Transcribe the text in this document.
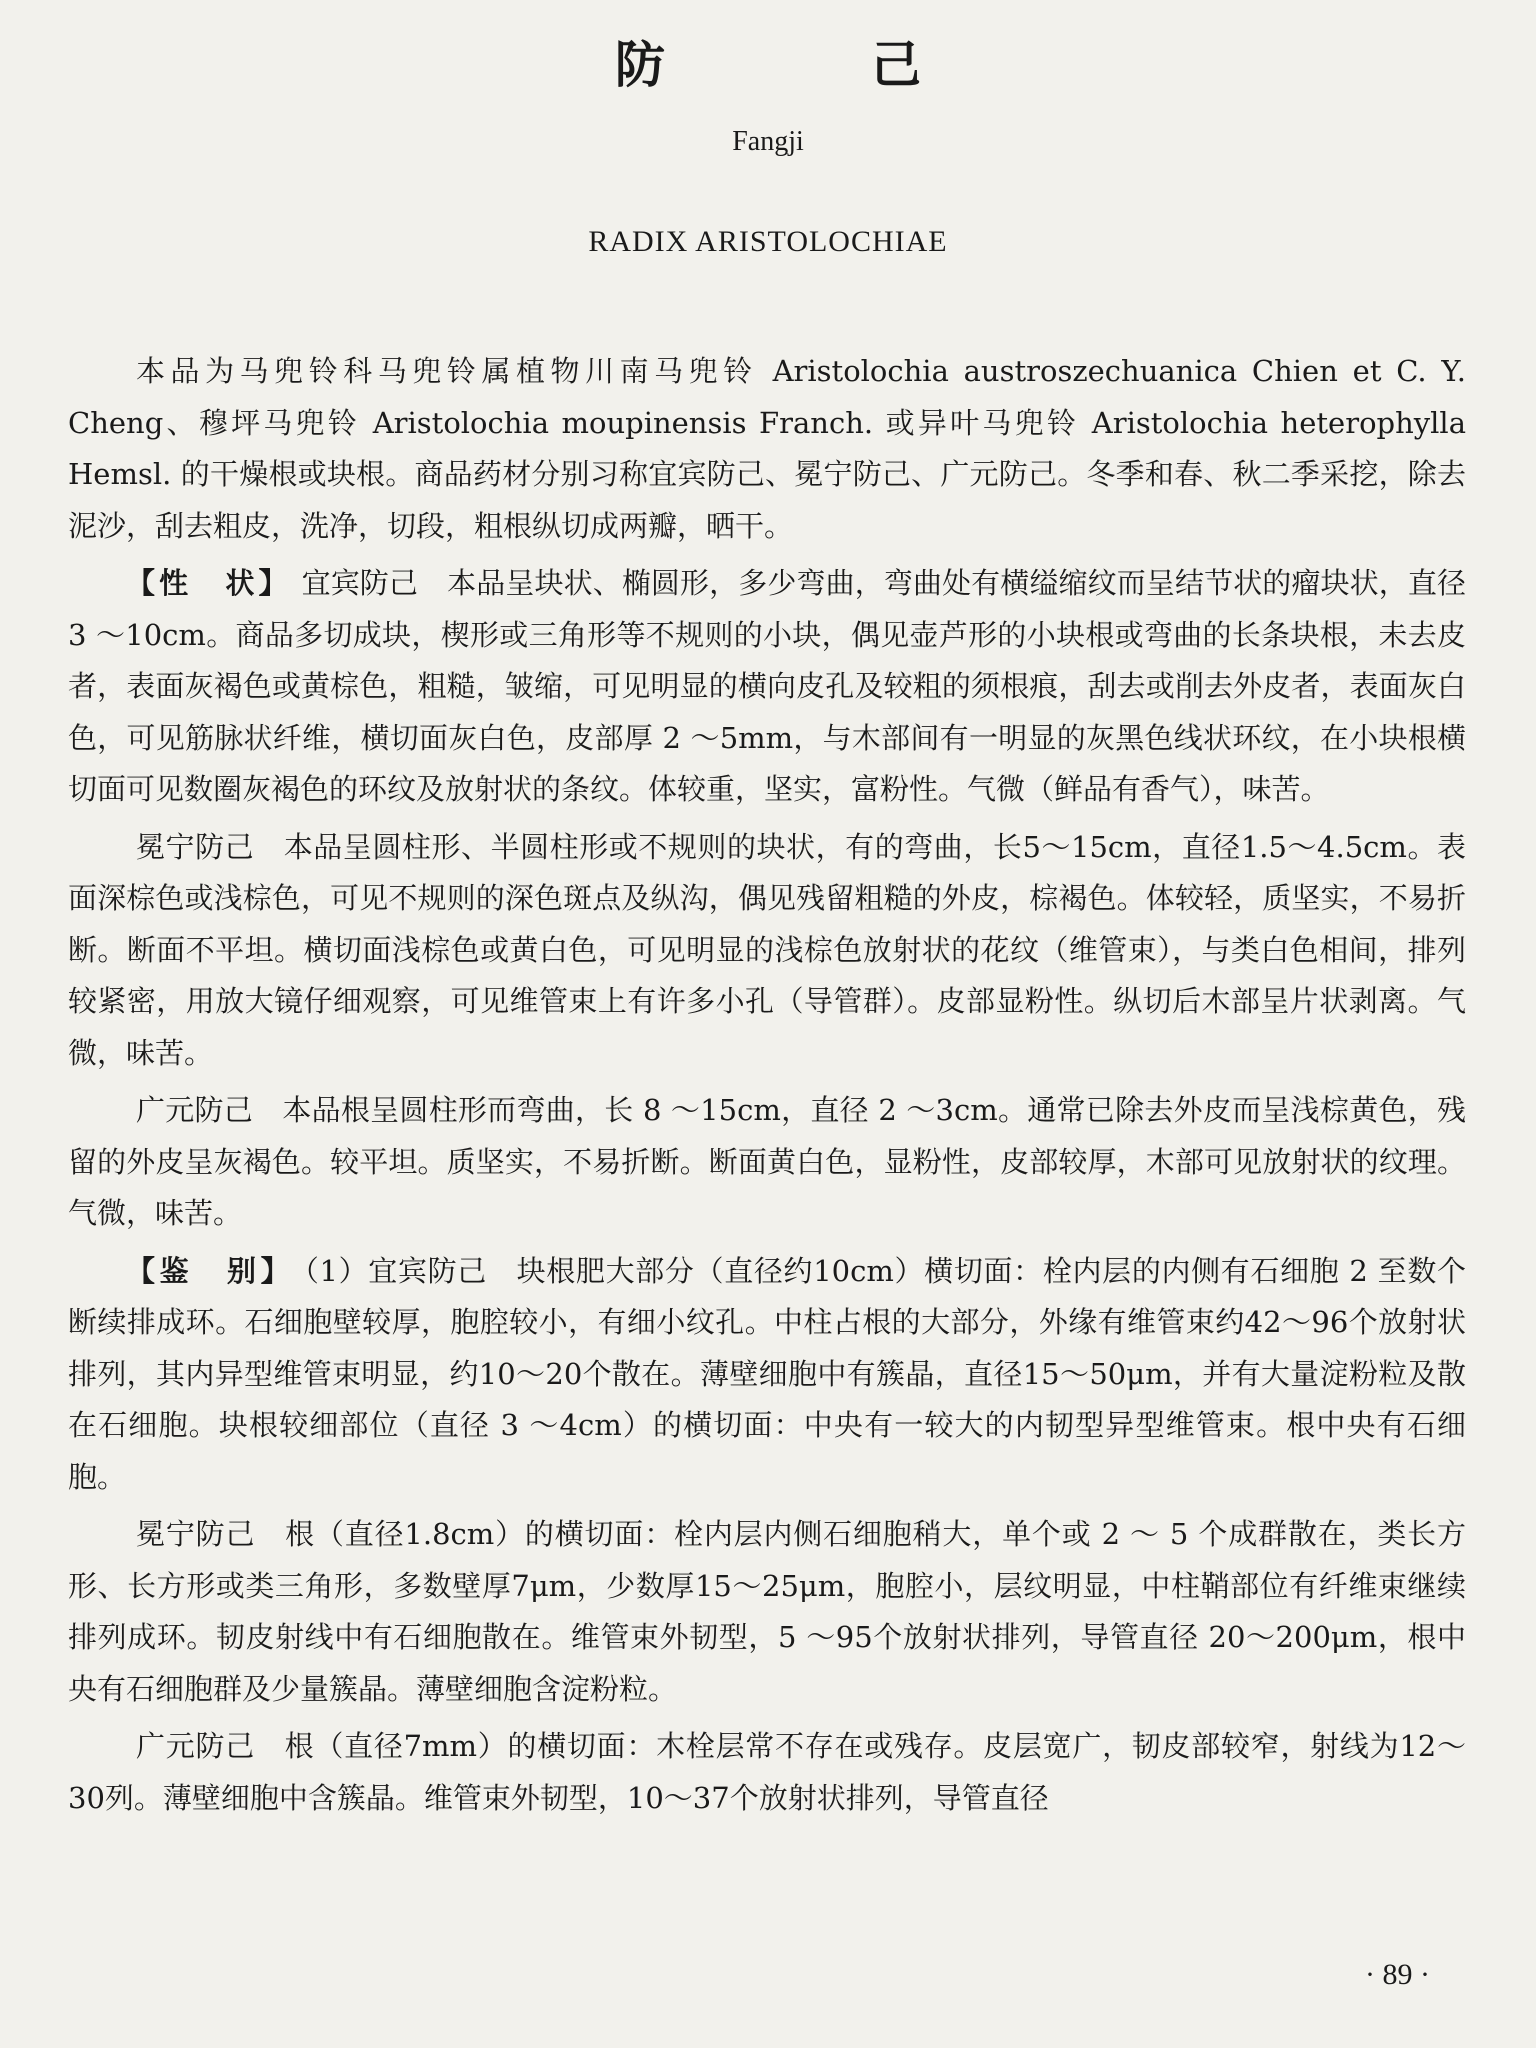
防　己
Fangji
RADIX ARISTOLOCHIAE

本品为马兜铃科马兜铃属植物川南马兜铃 Aristolochia austroszechuanica Chien et C. Y. Cheng、穆坪马兜铃 Aristolochia moupinensis Franch. 或异叶马兜铃 Aristolochia heterophylla Hemsl. 的干燥根或块根。商品药材分别习称宜宾防己、冕宁防己、广元防己。冬季和春、秋二季采挖，除去泥沙，刮去粗皮，洗净，切段，粗根纵切成两瓣，晒干。

【性　状】 宜宾防己　本品呈块状、椭圆形，多少弯曲，弯曲处有横缢缩纹而呈结节状的瘤块状，直径 3 ～10cm。商品多切成块，楔形或三角形等不规则的小块，偶见壶芦形的小块根或弯曲的长条块根，未去皮者，表面灰褐色或黄棕色，粗糙，皱缩，可见明显的横向皮孔及较粗的须根痕，刮去或削去外皮者，表面灰白色，可见筋脉状纤维，横切面灰白色，皮部厚 2 ～5mm，与木部间有一明显的灰黑色线状环纹，在小块根横切面可见数圈灰褐色的环纹及放射状的条纹。体较重，坚实，富粉性。气微（鲜品有香气），味苦。

冕宁防己　本品呈圆柱形、半圆柱形或不规则的块状，有的弯曲，长5～15cm，直径1.5～4.5cm。表面深棕色或浅棕色，可见不规则的深色斑点及纵沟，偶见残留粗糙的外皮，棕褐色。体较轻，质坚实，不易折断。断面不平坦。横切面浅棕色或黄白色，可见明显的浅棕色放射状的花纹（维管束），与类白色相间，排列较紧密，用放大镜仔细观察，可见维管束上有许多小孔（导管群）。皮部显粉性。纵切后木部呈片状剥离。气微，味苦。

广元防己　本品根呈圆柱形而弯曲，长 8 ～15cm，直径 2 ～3cm。通常已除去外皮而呈浅棕黄色，残留的外皮呈灰褐色。较平坦。质坚实，不易折断。断面黄白色，显粉性，皮部较厚，木部可见放射状的纹理。气微，味苦。

【鉴　别】 （1）宜宾防己　块根肥大部分（直径约10cm）横切面：栓内层的内侧有石细胞 2 至数个断续排成环。石细胞壁较厚，胞腔较小，有细小纹孔。中柱占根的大部分，外缘有维管束约42～96个放射状排列，其内异型维管束明显，约10～20个散在。薄壁细胞中有簇晶，直径15～50μm，并有大量淀粉粒及散在石细胞。块根较细部位（直径 3 ～4cm）的横切面：中央有一较大的内韧型异型维管束。根中央有石细胞。

冕宁防己　根（直径1.8cm）的横切面：栓内层内侧石细胞稍大，单个或 2 ～ 5 个成群散在，类长方形、长方形或类三角形，多数壁厚7μm，少数厚15～25μm，胞腔小，层纹明显，中柱鞘部位有纤维束继续排列成环。韧皮射线中有石细胞散在。维管束外韧型，5 ～95个放射状排列，导管直径 20～200μm，根中央有石细胞群及少量簇晶。薄壁细胞含淀粉粒。

广元防己　根（直径7mm）的横切面：木栓层常不存在或残存。皮层宽广，韧皮部较窄，射线为12～30列。薄壁细胞中含簇晶。维管束外韧型，10～37个放射状排列，导管直径

· 89 ·
